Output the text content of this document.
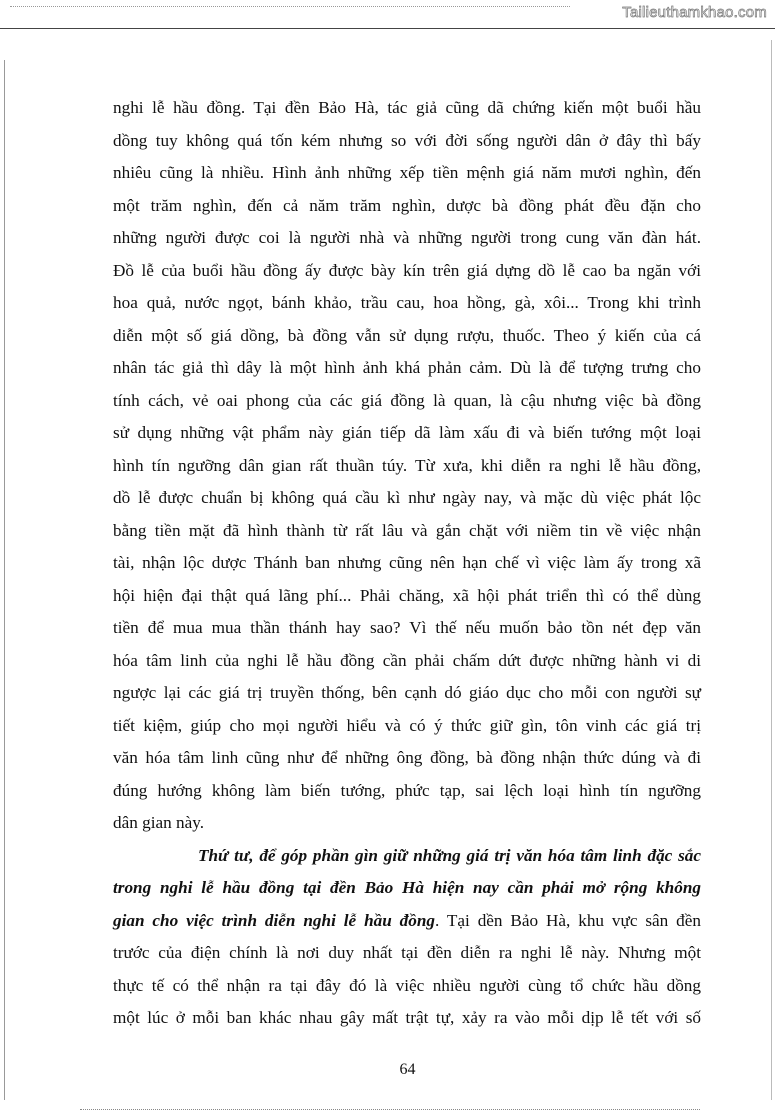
Tailieuthamkhao.com
nghi lễ hầu đồng. Tại đền Bảo Hà, tác giả cũng dã chứng kiến một buổi hầu
dồng tuy không quá tốn kém nhưng so với đời sống người dân ở đây thì bấy
nhiêu cũng là nhiều. Hình ảnh những xếp tiền mệnh giá năm mươi nghìn, đến
một trăm nghìn, đến cả năm trăm nghìn, dược bà đồng phát đều đặn cho
những người được coi là người nhà và những người trong cung văn đàn hát.
Đồ lễ của buổi hầu đồng ấy được bày kín trên giá dựng dồ lễ cao ba ngăn với
hoa quả, nước ngọt, bánh khảo, trầu cau, hoa hồng, gà, xôi... Trong khi trình
diễn một số giá dồng, bà đồng vẫn sử dụng rượu, thuốc. Theo ý kiến của cá
nhân tác giả thì dây là một hình ảnh khá phản cảm. Dù là để tượng trưng cho
tính cách, vẻ oai phong của các giá đồng là quan, là cậu nhưng việc bà đồng
sử dụng những vật phẩm này gián tiếp dã làm xấu đi và biến tướng một loại
hình tín ngưỡng dân gian rất thuần túy. Từ xưa, khi diễn ra nghi lễ hầu đồng,
dồ lễ được chuẩn bị không quá cầu kì như ngày nay, và mặc dù việc phát lộc
bằng tiền mặt đã hình thành từ rất lâu và gắn chặt với niềm tin về việc nhận
tài, nhận lộc dược Thánh ban nhưng cũng nên hạn chế vì việc làm ấy trong xã
hội hiện đại thật quá lãng phí... Phải chăng, xã hội phát triển thì có thể dùng
tiền để mua mua thần thánh hay sao? Vì thế nếu muốn bảo tồn nét đẹp văn
hóa tâm linh của nghi lễ hầu đồng cần phải chấm dứt được những hành vi di
ngược lại các giá trị truyền thống, bên cạnh dó giáo dục cho mỗi con người sự
tiết kiệm, giúp cho mọi người hiểu và có ý thức giữ gìn, tôn vinh các giá trị
văn hóa tâm linh cũng như để những ông đồng, bà đồng nhận thức dúng và đi
đúng hướng không làm biến tướng, phức tạp, sai lệch loại hình tín ngưỡng
dân gian này.
Thứ tư, để góp phần gìn giữ những giá trị văn hóa tâm linh đặc sắc
trong nghi lễ hầu đồng tại đền Bảo Hà hiện nay cần phải mở rộng không
gian cho việc trình diễn nghi lễ hầu đồng. Tại dền Bảo Hà, khu vực sân đền
trước của điện chính là nơi duy nhất tại đền diễn ra nghi lễ này. Nhưng một
thực tế có thể nhận ra tại đây đó là việc nhiều người cùng tổ chức hầu dồng
một lúc ở mỗi ban khác nhau gây mất trật tự, xảy ra vào mỗi dịp lễ tết với số
64
